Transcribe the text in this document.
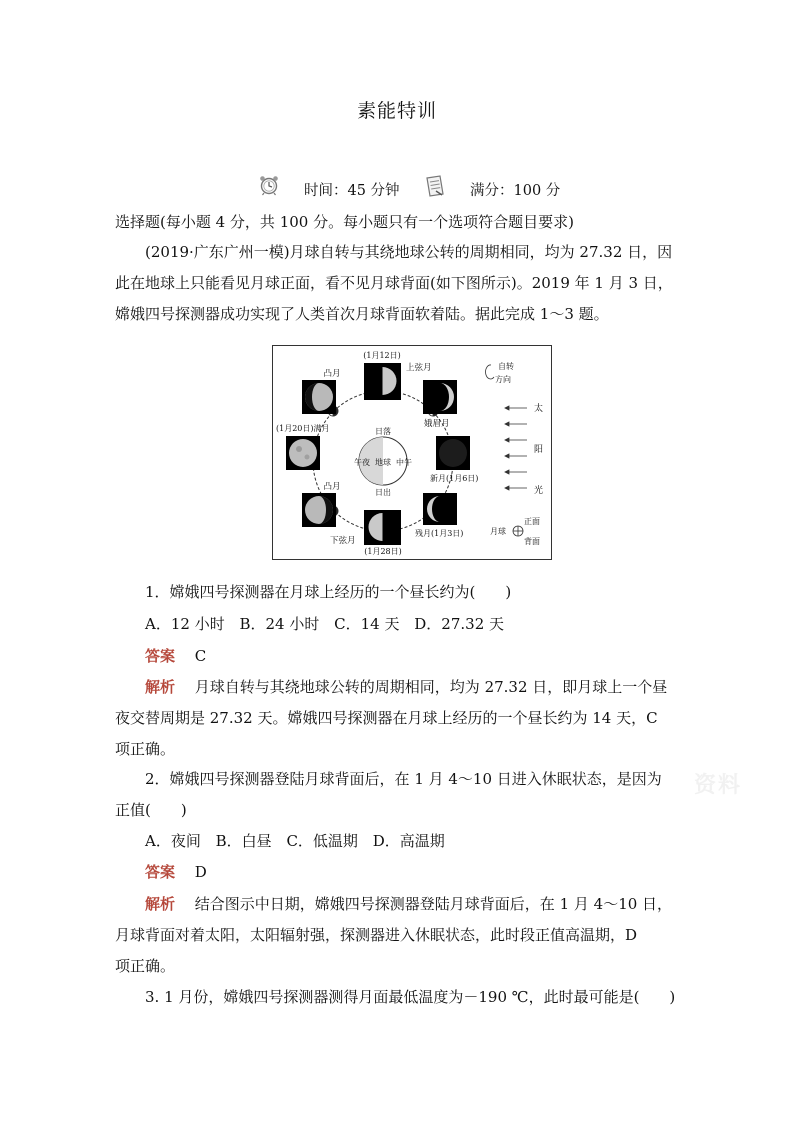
素能特训
时间：45 分钟	满分：100 分
选择题(每小题 4 分，共 100 分。每小题只有一个选项符合题目要求)
(2019·广东广州一模)月球自转与其绕地球公转的周期相同，均为 27.32 日，因
此在地球上只能看见月球正面，看不见月球背面(如下图所示)。2019 年 1 月 3 日，
嫦娥四号探测器成功实现了人类首次月球背面软着陆。据此完成 1～3 题。
地球
午夜	中午
日落
日出
(1月12日)
上弦月
娥眉月
凸月
(1月20日)满月
新月(1月6日)
凸月
下弦月
(1月28日)
残月(1月3日)
自转
方向
太
阳
光
月球
正面
背面
1．嫦娥四号探测器在月球上经历的一个昼长约为(　　)
A．12 小时 B．24 小时 C．14 天 D．27.32 天
答案　 C
解析　 月球自转与其绕地球公转的周期相同，均为 27.32 日，即月球上一个昼
夜交替周期是 27.32 天。嫦娥四号探测器在月球上经历的一个昼长约为 14 天，C
项正确。
2．嫦娥四号探测器登陆月球背面后，在 1 月 4～10 日进入休眠状态，是因为
正值(　　)
A．夜间 B．白昼 C．低温期 D．高温期
答案　 D
解析　 结合图示中日期，嫦娥四号探测器登陆月球背面后，在 1 月 4～10 日，
月球背面对着太阳，太阳辐射强，探测器进入休眠状态，此时段正值高温期，D
项正确。
3. 1 月份，嫦娥四号探测器测得月面最低温度为－190 ℃，此时最可能是(　　)
资料
